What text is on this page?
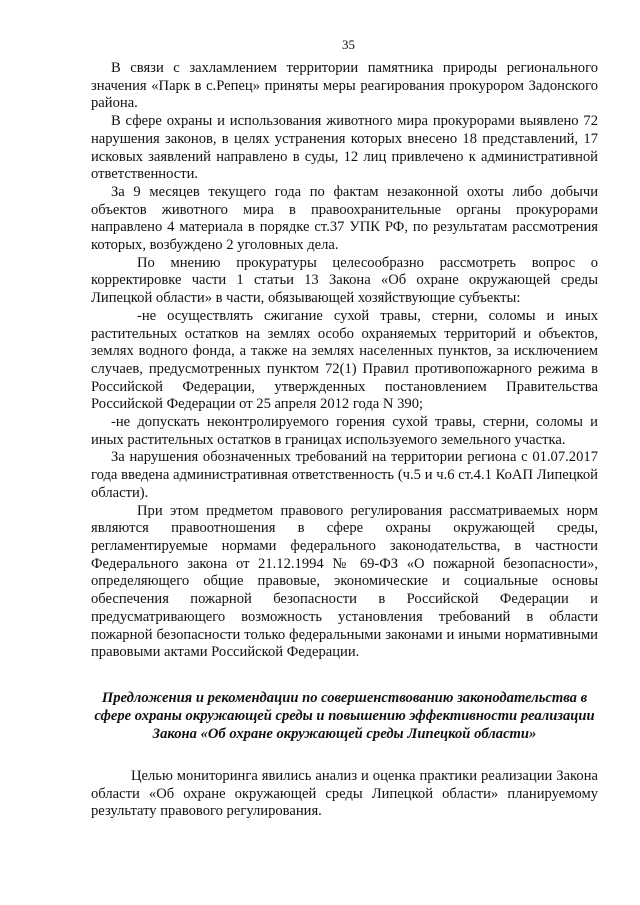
35

В связи с захламлением территории памятника природы регионального значения «Парк в с.Репец» приняты меры реагирования прокурором Задонского района.

В сфере охраны и использования животного мира прокурорами выявлено 72 нарушения законов, в целях устранения которых внесено 18 представлений, 17 исковых заявлений направлено в суды, 12 лиц привлечено к административной ответственности.

За 9 месяцев текущего года по фактам незаконной охоты либо добычи объектов животного мира в правоохранительные органы прокурорами направлено 4 материала в порядке ст.37 УПК РФ, по результатам рассмотрения которых, возбуждено 2 уголовных дела.

По мнению прокуратуры целесообразно рассмотреть вопрос о корректировке части 1 статьи 13 Закона «Об охране окружающей среды Липецкой области» в части, обязывающей хозяйствующие субъекты:

-не осуществлять сжигание сухой травы, стерни, соломы и иных растительных остатков на землях особо охраняемых территорий и объектов, землях водного фонда, а также на землях населенных пунктов, за исключением случаев, предусмотренных пунктом 72(1) Правил противопожарного режима в Российской Федерации, утвержденных постановлением Правительства Российской Федерации от 25 апреля 2012 года N 390;

-не допускать неконтролируемого горения сухой травы, стерни, соломы и иных растительных остатков в границах используемого земельного участка.

За нарушения обозначенных требований на территории региона с 01.07.2017 года введена административная ответственность (ч.5 и ч.6 ст.4.1 КоАП Липецкой области).

При этом предметом правового регулирования рассматриваемых норм являются правоотношения в сфере охраны окружающей среды, регламентируемые нормами федерального законодательства, в частности Федерального закона от 21.12.1994 № 69-ФЗ «О пожарной безопасности», определяющего общие правовые, экономические и социальные основы обеспечения пожарной безопасности в Российской Федерации и предусматривающего возможность установления требований в области пожарной безопасности только федеральными законами и иными нормативными правовыми актами Российской Федерации.

Предложения и рекомендации по совершенствованию законодательства в сфере охраны окружающей среды и повышению эффективности реализации Закона «Об охране окружающей среды Липецкой области»

Целью мониторинга явились анализ и оценка практики реализации Закона области «Об охране окружающей среды Липецкой области» планируемому результату правового регулирования.
